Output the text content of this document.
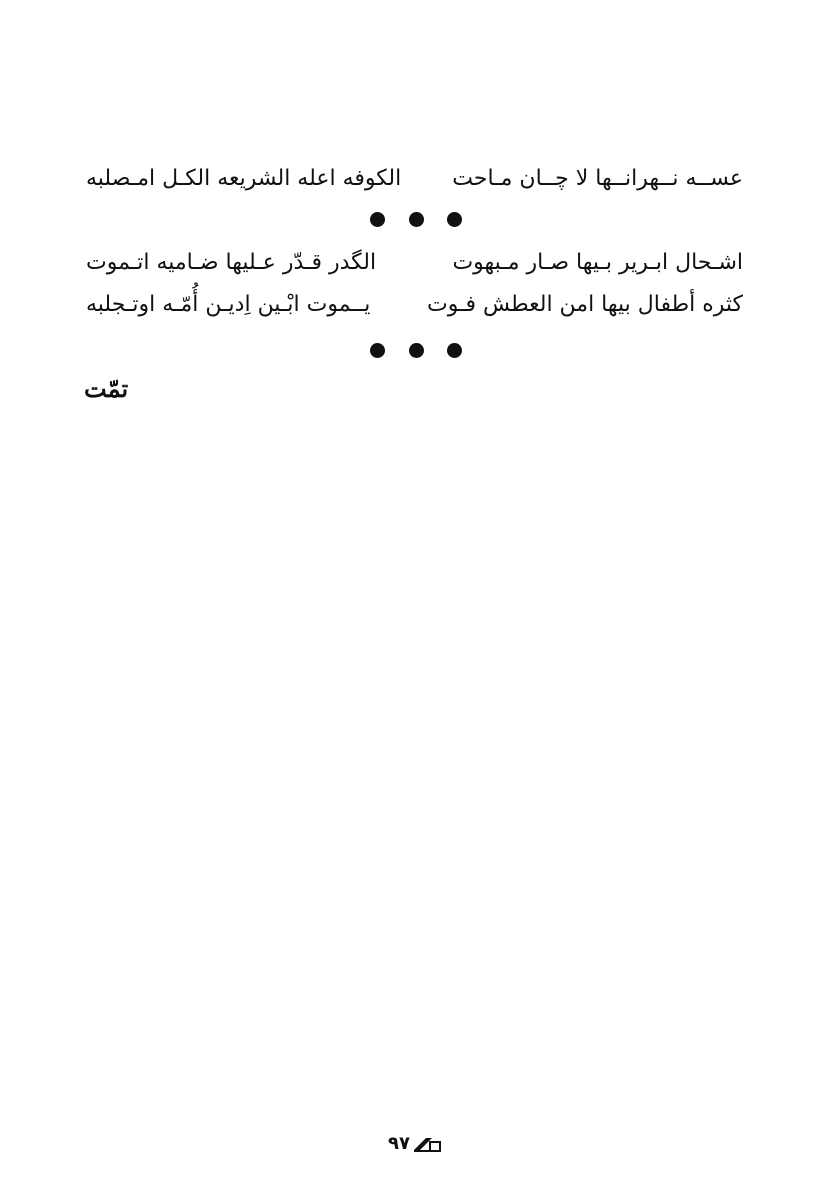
عســه نــهرانــها لا چــان مـاحت
الكوفه اعله الشريعه الكـل امـصلبه
اشـحال ابـرير بـيها صـار مـبهوت
الگدر قـدّر عـليها ضـاميه اتـموت
كثره أطفال بيها امن العطش فـوت
يــموت ابْـين اِديـن أُمّـه اوتـجلبه
تمّت
٩٧
